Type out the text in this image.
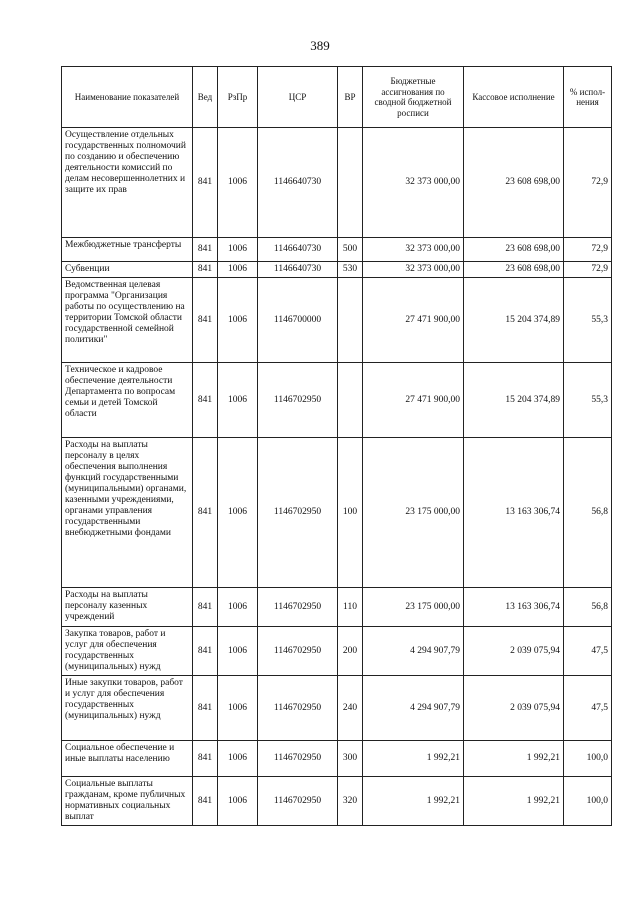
389
Наименование показателей	Вед	РзПр	ЦСР	ВР	Бюджетные ассигнования по сводной бюджетной росписи	Кассовое исполнение	% испол-нения
Осуществление отдельных государственных полномочий по созданию и обеспечению деятельности комиссий по делам несовершеннолетних и защите их прав	841	1006	1146640730		32 373 000,00	23 608 698,00	72,9
Межбюджетные трансферты	841	1006	1146640730	500	32 373 000,00	23 608 698,00	72,9
Субвенции	841	1006	1146640730	530	32 373 000,00	23 608 698,00	72,9
Ведомственная целевая программа "Организация работы по осуществлению на территории Томской области государственной семейной политики"	841	1006	1146700000		27 471 900,00	15 204 374,89	55,3
Техническое и кадровое обеспечение деятельности Департамента по вопросам семьи и детей Томской области	841	1006	1146702950		27 471 900,00	15 204 374,89	55,3
Расходы на выплаты персоналу в целях обеспечения выполнения функций государственными (муниципальными) органами, казенными учреждениями, органами управления государственными внебюджетными фондами	841	1006	1146702950	100	23 175 000,00	13 163 306,74	56,8
Расходы на выплаты персоналу казенных учреждений	841	1006	1146702950	110	23 175 000,00	13 163 306,74	56,8
Закупка товаров, работ и услуг для обеспечения государственных (муниципальных) нужд	841	1006	1146702950	200	4 294 907,79	2 039 075,94	47,5
Иные закупки товаров, работ и услуг для обеспечения государственных (муниципальных) нужд	841	1006	1146702950	240	4 294 907,79	2 039 075,94	47,5
Социальное обеспечение и иные выплаты населению	841	1006	1146702950	300	1 992,21	1 992,21	100,0
Социальные выплаты гражданам, кроме публичных нормативных социальных выплат	841	1006	1146702950	320	1 992,21	1 992,21	100,0
